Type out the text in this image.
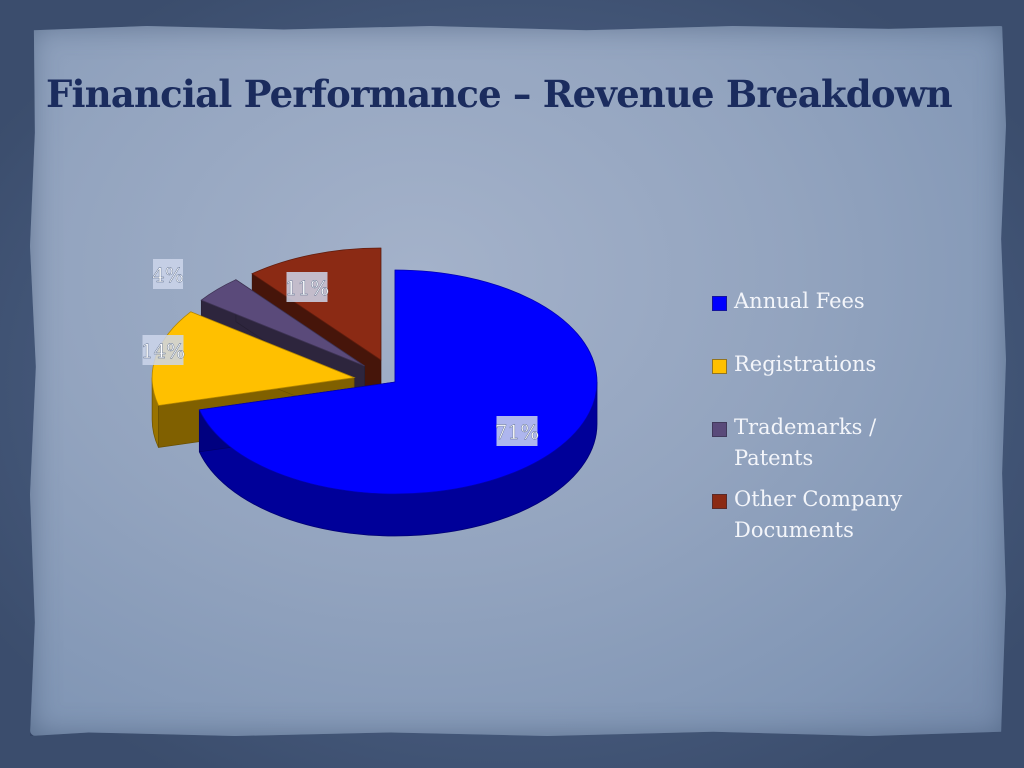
Financial Performance – Revenue Breakdown
71%
14%
4%
11%
Annual Fees
Registrations
Trademarks / Patents
Other Company Documents
